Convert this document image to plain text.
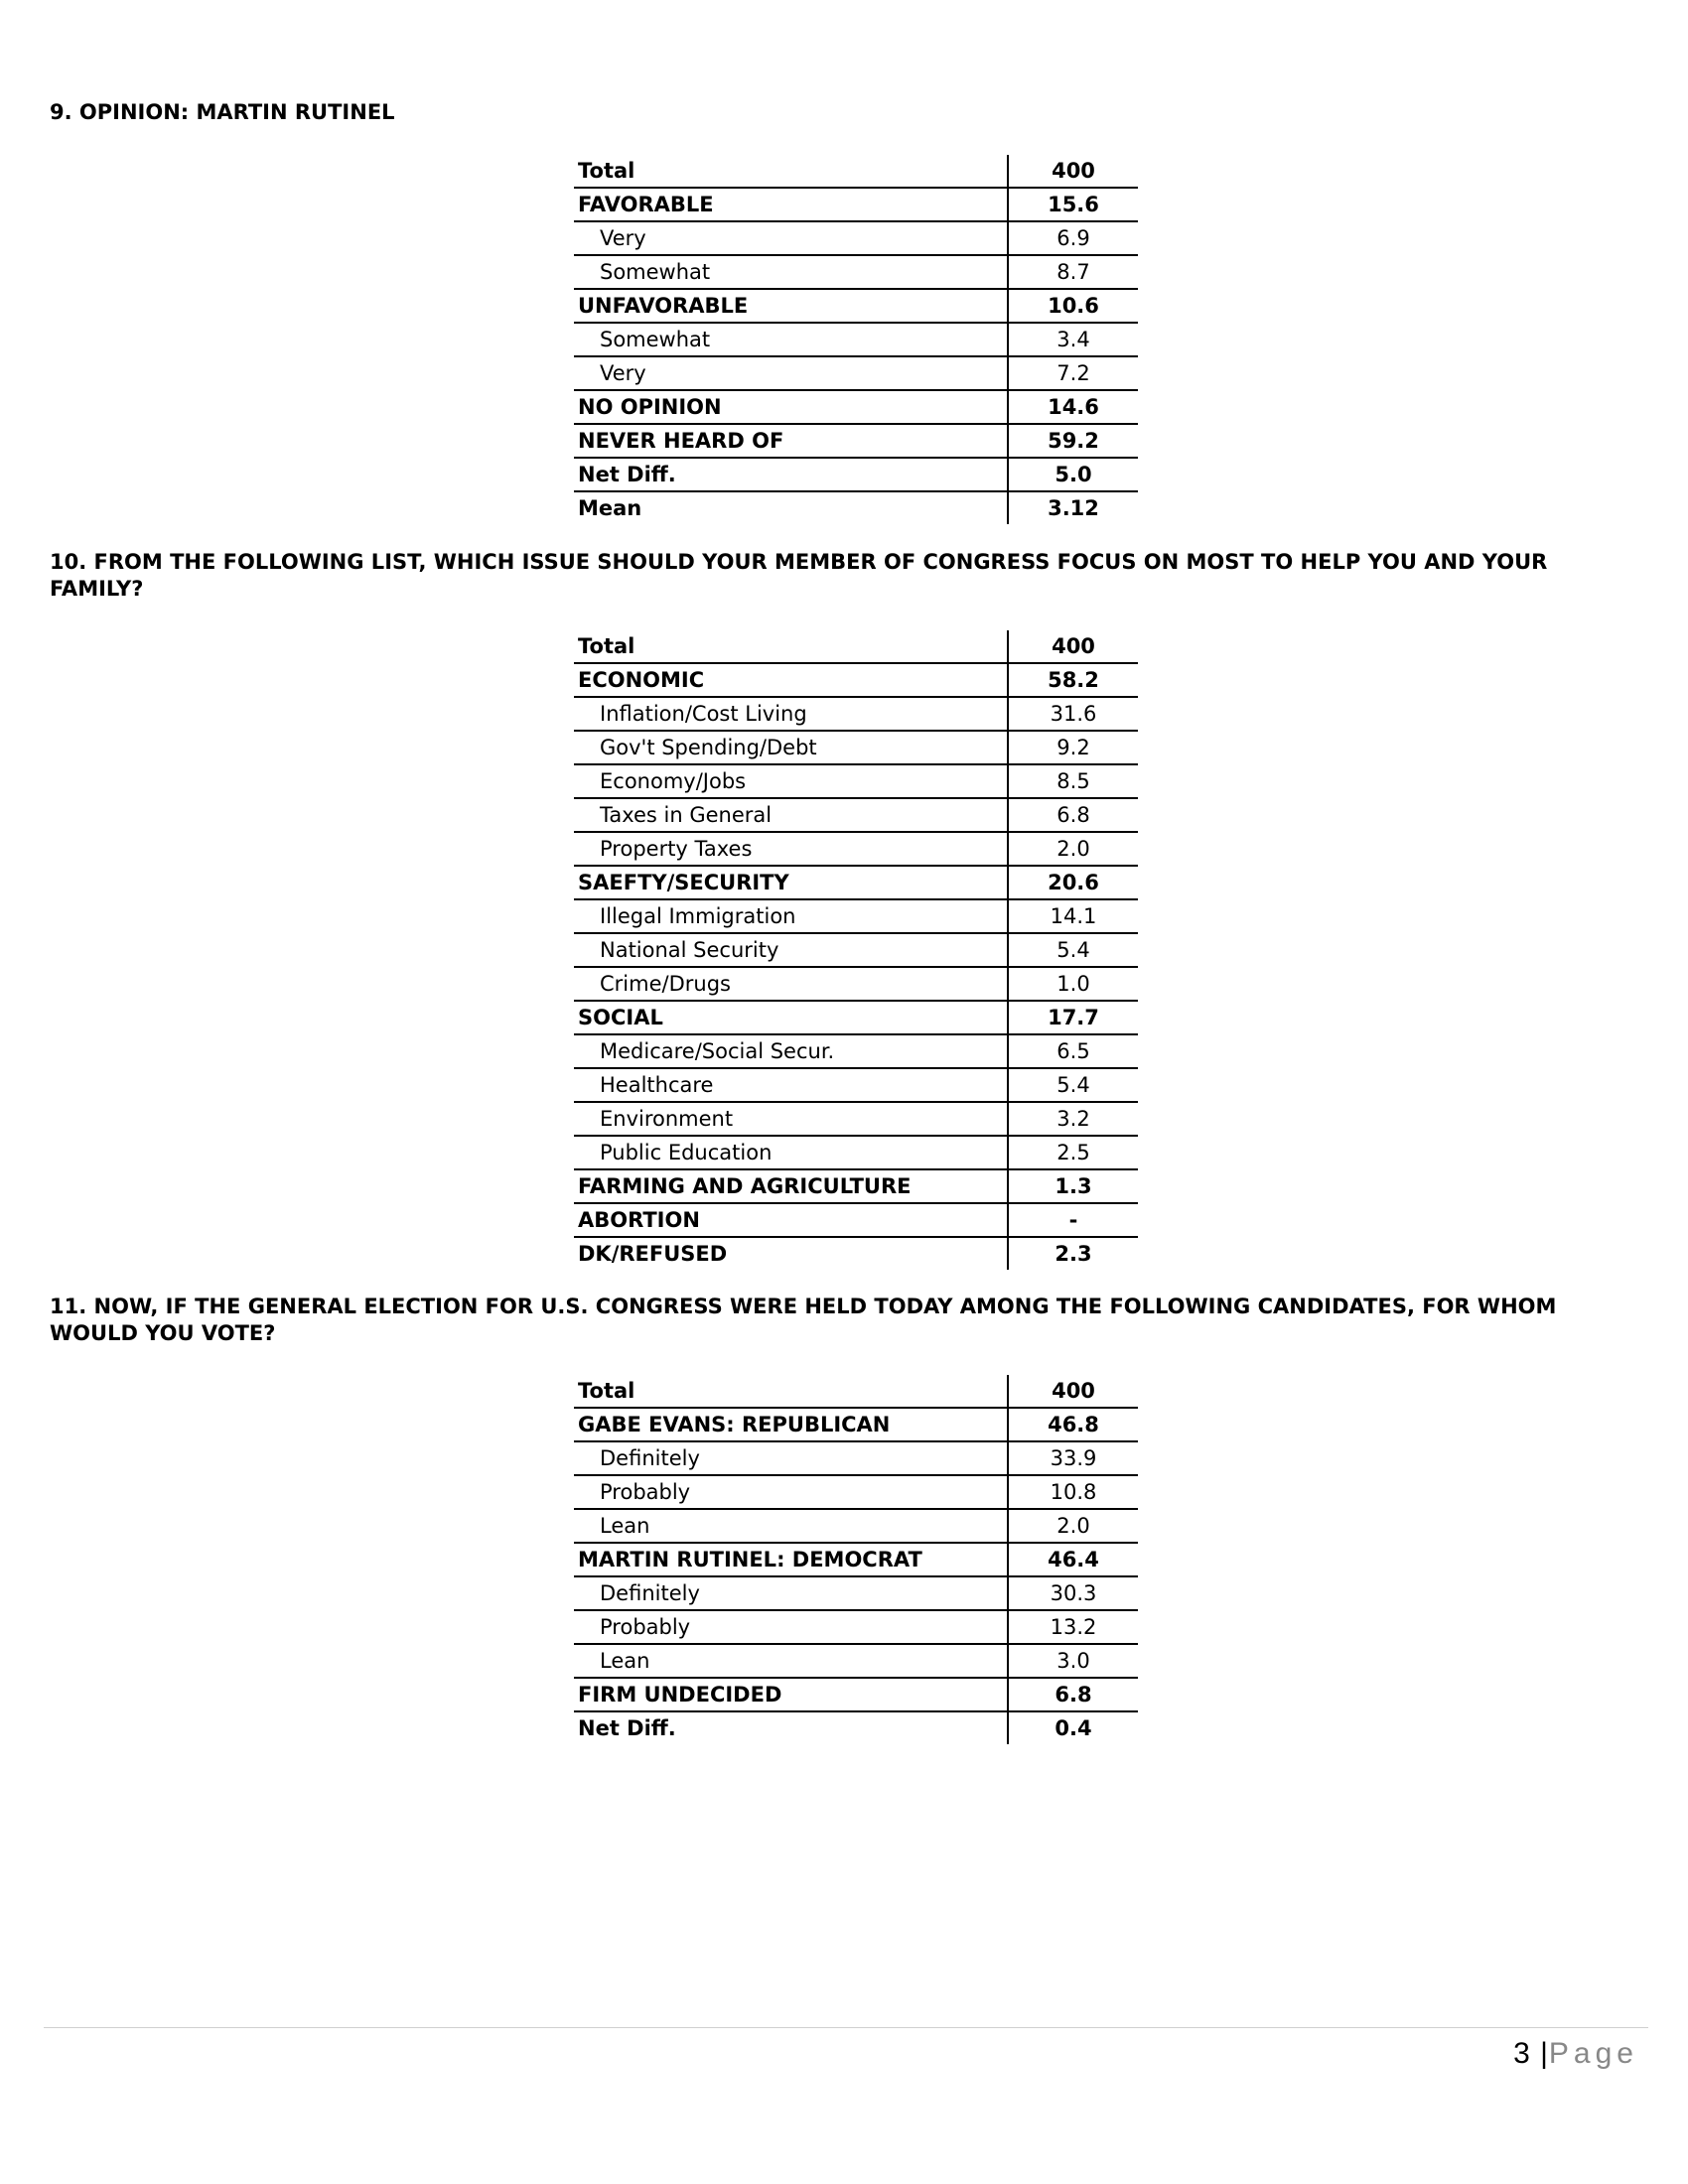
9. OPINION: MARTIN RUTINEL
Total	400
FAVORABLE	15.6
Very	6.9
Somewhat	8.7
UNFAVORABLE	10.6
Somewhat	3.4
Very	7.2
NO OPINION	14.6
NEVER HEARD OF	59.2
Net Diff.	5.0
Mean	3.12
10. FROM THE FOLLOWING LIST, WHICH ISSUE SHOULD YOUR MEMBER OF CONGRESS FOCUS ON MOST TO HELP YOU AND YOUR FAMILY?
Total	400
ECONOMIC	58.2
Inflation/Cost Living	31.6
Gov't Spending/Debt	9.2
Economy/Jobs	8.5
Taxes in General	6.8
Property Taxes	2.0
SAEFTY/SECURITY	20.6
Illegal Immigration	14.1
National Security	5.4
Crime/Drugs	1.0
SOCIAL	17.7
Medicare/Social Secur.	6.5
Healthcare	5.4
Environment	3.2
Public Education	2.5
FARMING AND AGRICULTURE	1.3
ABORTION	-
DK/REFUSED	2.3
11. NOW, IF THE GENERAL ELECTION FOR U.S. CONGRESS WERE HELD TODAY AMONG THE FOLLOWING CANDIDATES, FOR WHOM WOULD YOU VOTE?
Total	400
GABE EVANS: REPUBLICAN	46.8
Definitely	33.9
Probably	10.8
Lean	2.0
MARTIN RUTINEL: DEMOCRAT	46.4
Definitely	30.3
Probably	13.2
Lean	3.0
FIRM UNDECIDED	6.8
Net Diff.	0.4
3 |Page
